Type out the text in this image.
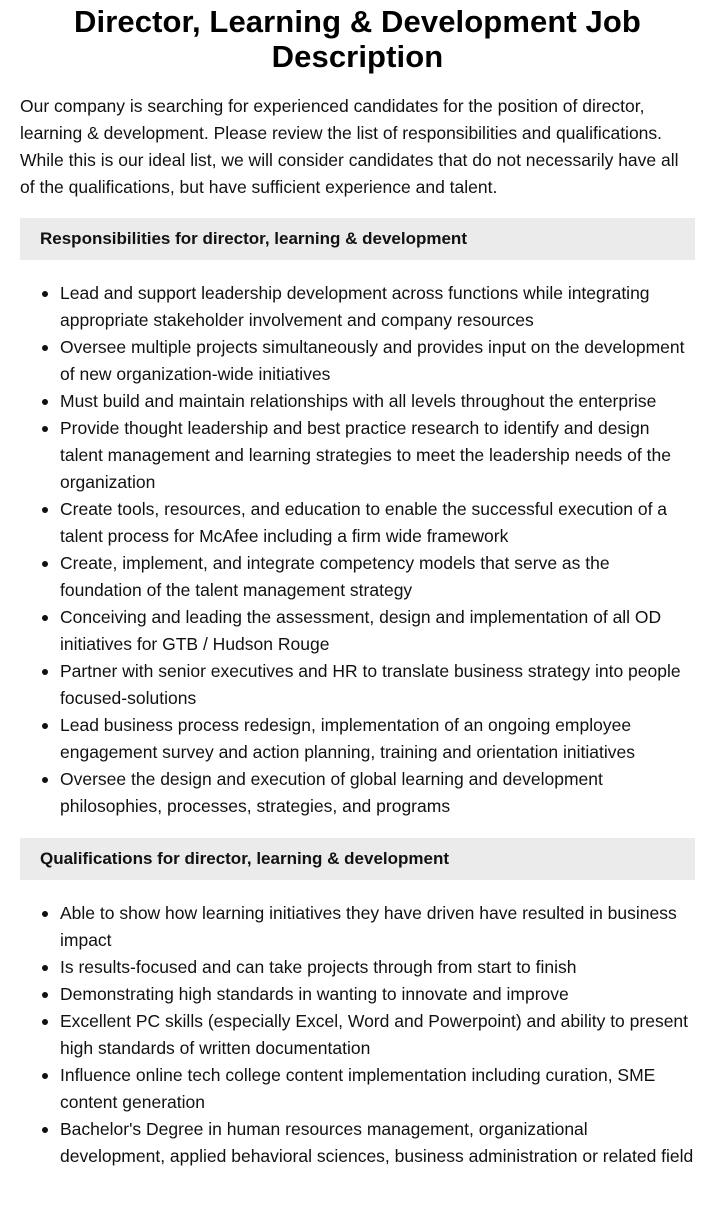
Director, Learning & Development Job Description

Our company is searching for experienced candidates for the position of director, learning & development. Please review the list of responsibilities and qualifications. While this is our ideal list, we will consider candidates that do not necessarily have all of the qualifications, but have sufficient experience and talent.

Responsibilities for director, learning & development
Lead and support leadership development across functions while integrating appropriate stakeholder involvement and company resources
Oversee multiple projects simultaneously and provides input on the development of new organization-wide initiatives
Must build and maintain relationships with all levels throughout the enterprise
Provide thought leadership and best practice research to identify and design talent management and learning strategies to meet the leadership needs of the organization
Create tools, resources, and education to enable the successful execution of a talent process for McAfee including a firm wide framework
Create, implement, and integrate competency models that serve as the foundation of the talent management strategy
Conceiving and leading the assessment, design and implementation of all OD initiatives for GTB / Hudson Rouge
Partner with senior executives and HR to translate business strategy into people focused-solutions
Lead business process redesign, implementation of an ongoing employee engagement survey and action planning, training and orientation initiatives
Oversee the design and execution of global learning and development philosophies, processes, strategies, and programs
Qualifications for director, learning & development
Able to show how learning initiatives they have driven have resulted in business impact
Is results-focused and can take projects through from start to finish
Demonstrating high standards in wanting to innovate and improve
Excellent PC skills (especially Excel, Word and Powerpoint) and ability to present high standards of written documentation
Influence online tech college content implementation including curation, SME content generation
Bachelor's Degree in human resources management, organizational development, applied behavioral sciences, business administration or related field
